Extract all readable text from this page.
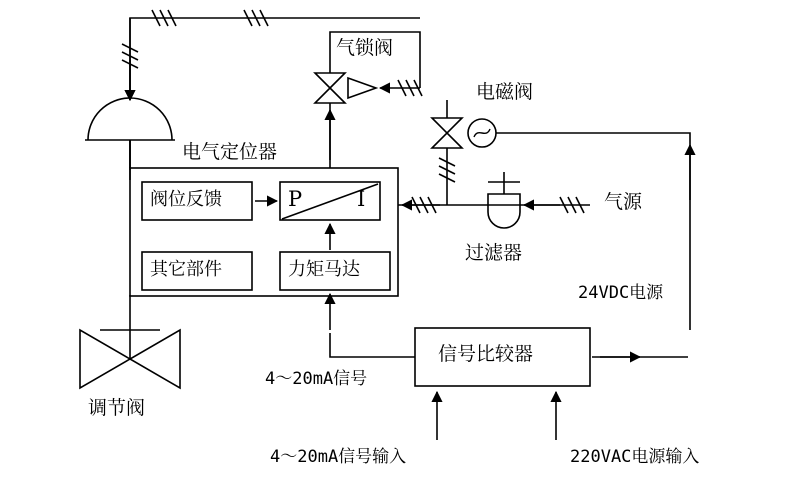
气锁阀
电磁阀
电气定位器
阀位反馈	P	I
其它部件	力矩马达
过滤器
气源
调节阀
信号比较器
24VDC电源
4～20mA信号
4～20mA信号输入	220VAC电源输入
